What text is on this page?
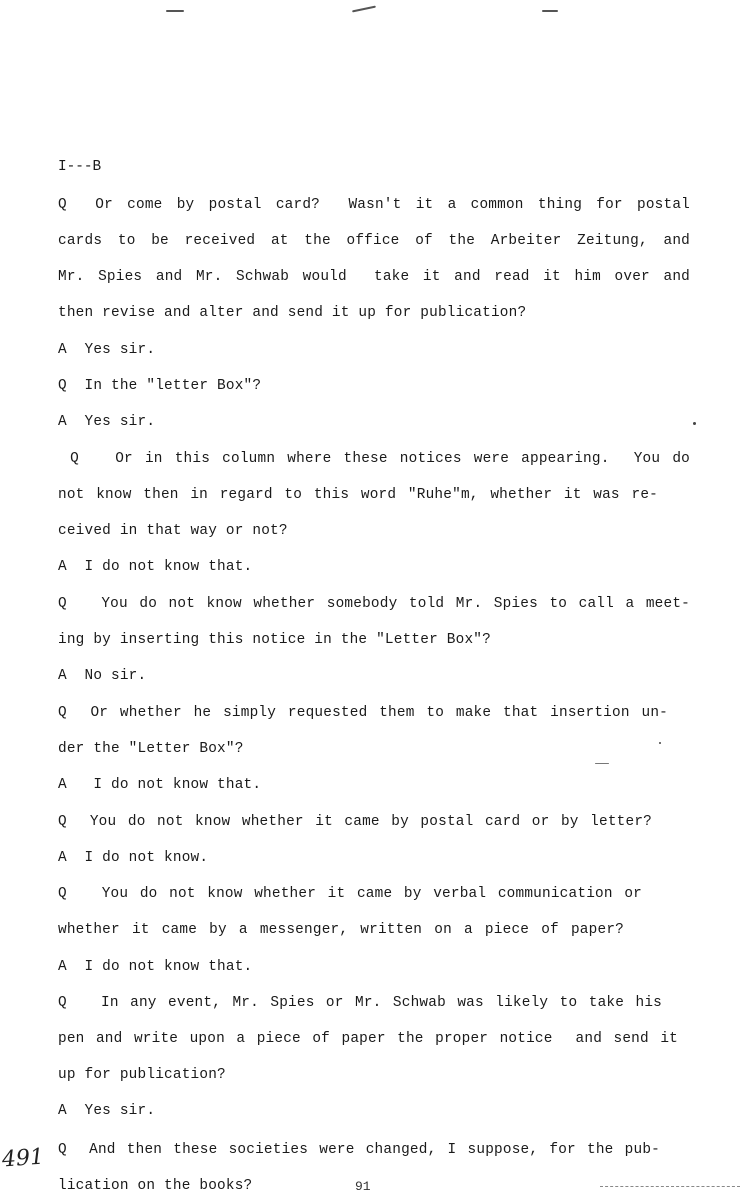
I---B
Q  Or come by postal card?  Wasn't it a common thing for postal
cards to be received at the office of the Arbeiter Zeitung, and
Mr. Spies and Mr. Schwab would  take it and read it him over and
then revise and alter and send it up for publication?
A  Yes sir.
Q  In the "letter Box"?
A  Yes sir.
Q   Or in this column where these notices were appearing.  You do
not know then in regard to this word "Ruhe"m, whether it was re-
ceived in that way or not?
A  I do not know that.
Q   You do not know whether somebody told Mr. Spies to call a meet-
ing by inserting this notice in the "Letter Box"?
A  No sir.
Q  Or whether he simply requested them to make that insertion un-
der the "Letter Box"?
A   I do not know that.
Q  You do not know whether it came by postal card or by letter?
A  I do not know.
Q   You do not know whether it came by verbal communication or
whether it came by a messenger, written on a piece of paper?
A  I do not know that.
Q   In any event, Mr. Spies or Mr. Schwab was likely to take his
pen and write upon a piece of paper the proper notice  and send it
up for publication?
A  Yes sir.
Q  And then these societies were changed, I suppose, for the pub-
lication on the books?
491
91
